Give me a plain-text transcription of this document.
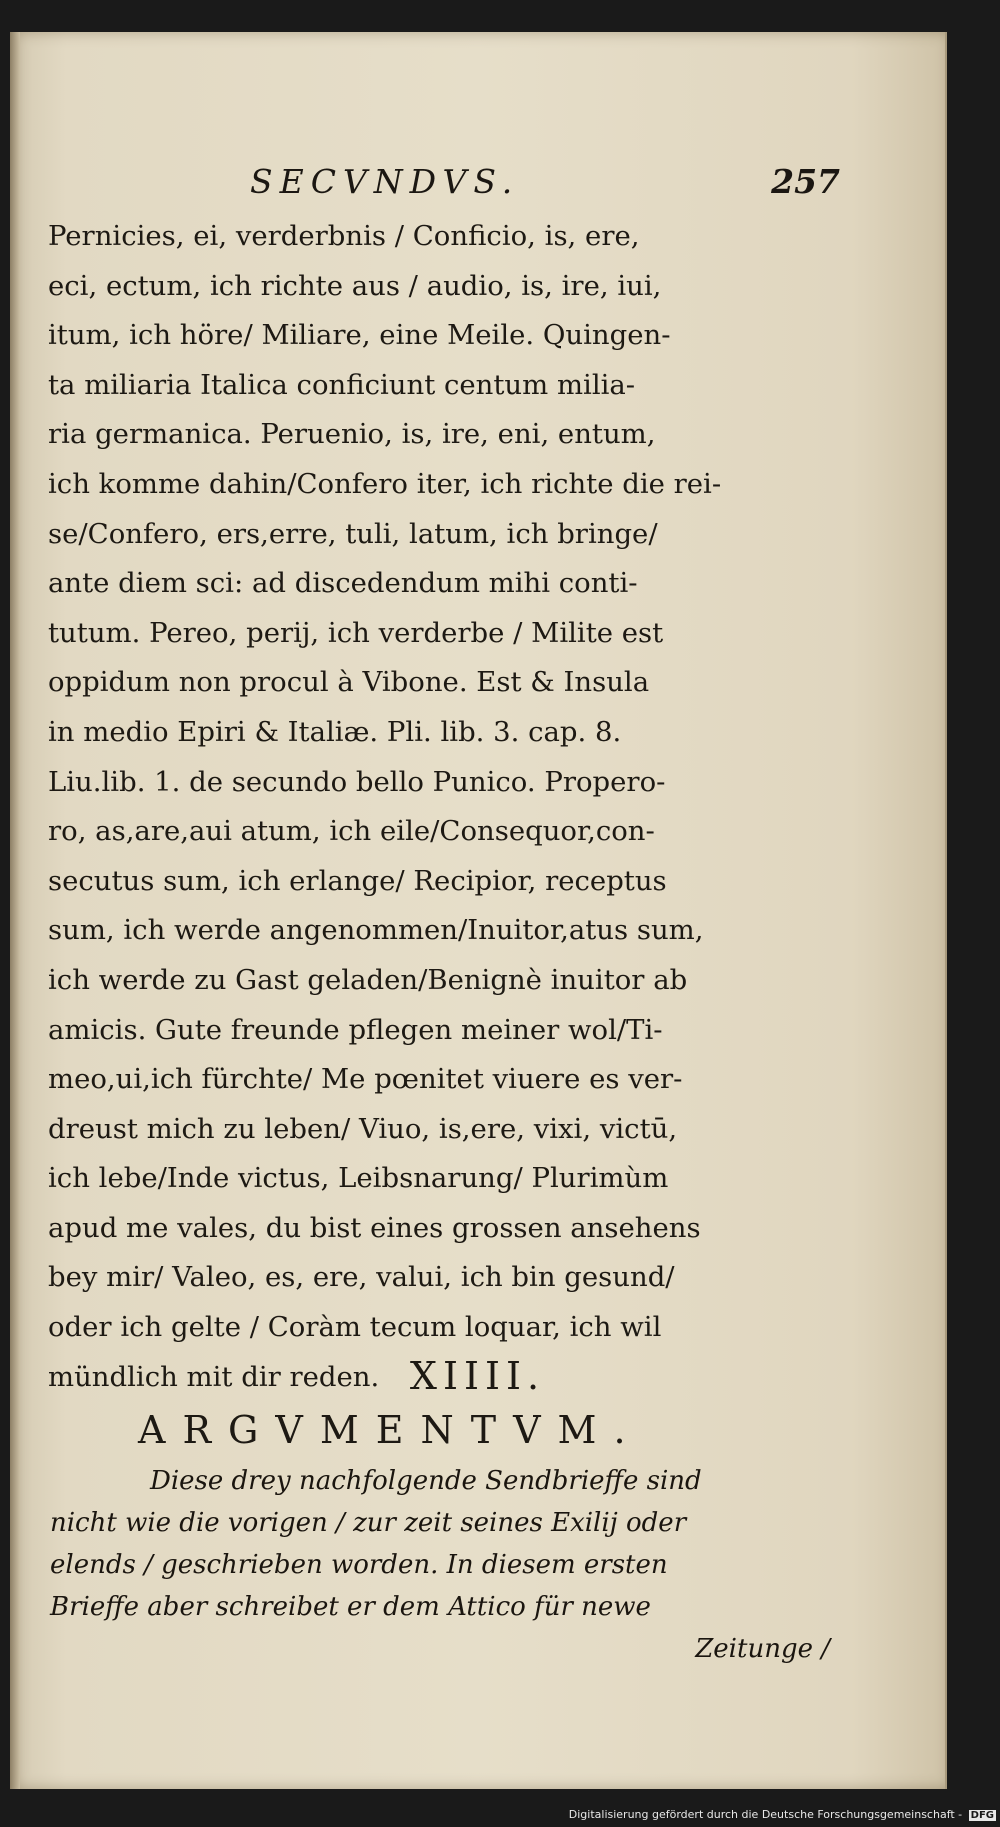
SECVNDVS.	257
Pernicies, ei, verderbnis / Conficio, is, ere,
eci, ectum, ich richte aus / audio, is, ire, iui,
itum, ich höre/ Miliare, eine Meile. Quingen-
ta miliaria Italica conficiunt centum milia-
ria germanica. Peruenio, is, ire, eni, entum,
ich komme dahin/Confero iter, ich richte die rei-
se/Confero, ers,erre, tuli, latum, ich bringe/
ante diem sci: ad discedendum mihi conti-
tutum. Pereo, perij, ich verderbe / Milite est
oppidum non procul à Vibone. Est & Insula
in medio Epiri & Italiæ. Pli. lib. 3. cap. 8.
Liu.lib. 1. de secundo bello Punico. Propero-
ro, as,are,aui atum, ich eile/Consequor,con-
secutus sum, ich erlange/ Recipior, receptus
sum, ich werde angenommen/Inuitor,atus sum,
ich werde zu Gast geladen/Benignè inuitor ab
amicis. Gute freunde pflegen meiner wol/Ti-
meo,ui,ich fürchte/ Me pœnitet viuere es ver-
dreust mich zu leben/ Viuo, is,ere, vixi, victū,
ich lebe/Inde victus, Leibsnarung/ Plurimùm
apud me vales, du bist eines grossen ansehens
bey mir/ Valeo, es, ere, valui, ich bin gesund/
oder ich gelte / Coràm tecum loquar, ich wil
mündlich mit dir reden. XIIII.
ARGVMENTVM.
Diese drey nachfolgende Sendbrieffe sind
nicht wie die vorigen / zur zeit seines Exilij oder
elends / geschrieben worden. In diesem ersten
Brieffe aber schreibet er dem Attico für newe
Zeitunge /
Digitalisierung gefördert durch die Deutsche Forschungsgemeinschaft - DFG
